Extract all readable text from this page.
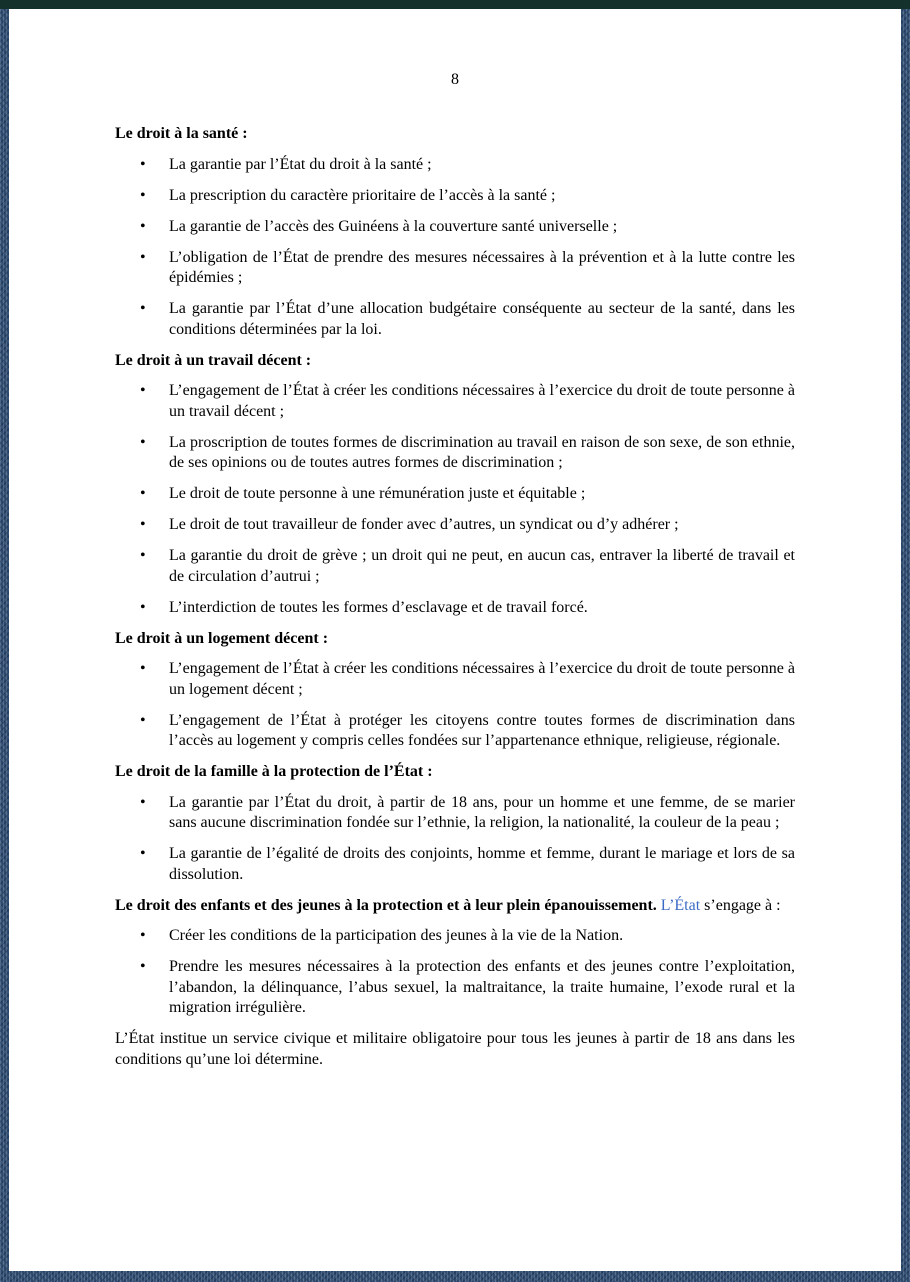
8

Le droit à la santé :

• La garantie par l’État du droit à la santé ;
• La prescription du caractère prioritaire de l’accès à la santé ;
• La garantie de l’accès des Guinéens à la couverture santé universelle ;
• L’obligation de l’État de prendre des mesures nécessaires à la prévention et à la lutte contre les épidémies ;
• La garantie par l’État d’une allocation budgétaire conséquente au secteur de la santé, dans les conditions déterminées par la loi.

Le droit à un travail décent :

• L’engagement de l’État à créer les conditions nécessaires à l’exercice du droit de toute personne à un travail décent ;
• La proscription de toutes formes de discrimination au travail en raison de son sexe, de son ethnie, de ses opinions ou de toutes autres formes de discrimination ;
• Le droit de toute personne à une rémunération juste et équitable ;
• Le droit de tout travailleur de fonder avec d’autres, un syndicat ou d’y adhérer ;
• La garantie du droit de grève ; un droit qui ne peut, en aucun cas, entraver la liberté de travail et de circulation d’autrui ;
• L’interdiction de toutes les formes d’esclavage et de travail forcé.

Le droit à un logement décent :

• L’engagement de l’État à créer les conditions nécessaires à l’exercice du droit de toute personne à un logement décent ;
• L’engagement de l’État à protéger les citoyens contre toutes formes de discrimination dans l’accès au logement y compris celles fondées sur l’appartenance ethnique, religieuse, régionale.

Le droit de la famille à la protection de l’État :

• La garantie par l’État du droit, à partir de 18 ans, pour un homme et une femme, de se marier sans aucune discrimination fondée sur l’ethnie, la religion, la nationalité, la couleur de la peau ;
• La garantie de l’égalité de droits des conjoints, homme et femme, durant le mariage et lors de sa dissolution.

Le droit des enfants et des jeunes à la protection et à leur plein épanouissement. L’État s’engage à :

• Créer les conditions de la participation des jeunes à la vie de la Nation.
• Prendre les mesures nécessaires à la protection des enfants et des jeunes contre l’exploitation, l’abandon, la délinquance, l’abus sexuel, la maltraitance, la traite humaine, l’exode rural et la migration irrégulière.

L’État institue un service civique et militaire obligatoire pour tous les jeunes à partir de 18 ans dans les conditions qu’une loi détermine.
